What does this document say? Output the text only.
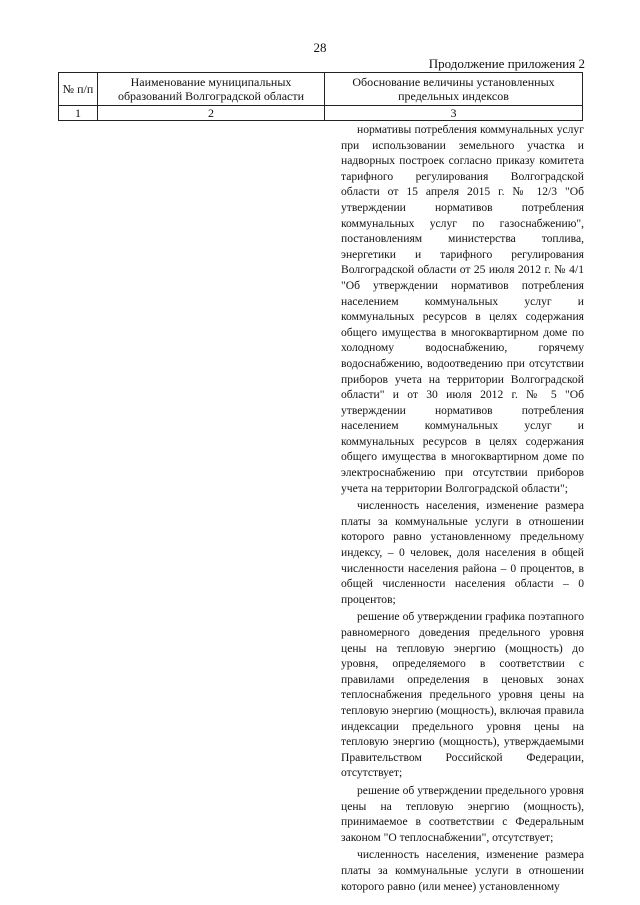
28
Продолжение приложения 2
№ п/п	Наименование муниципальных образований Волгоградской области	Обоснование величины установленных предельных индексов
1	2	3

нормативы потребления коммунальных услуг при использовании земельного участка и надворных построек согласно приказу комитета тарифного регулирования Волгоградской области от 15 апреля 2015 г. № 12/3 "Об утверждении нормативов потребления коммунальных услуг по газоснабжению", постановлениям министерства топлива, энергетики и тарифного регулирования Волгоградской области от 25 июля 2012 г. № 4/1 "Об утверждении нормативов потребления населением коммунальных услуг и коммунальных ресурсов в целях содержания общего имущества в многоквартирном доме по холодному водоснабжению, горячему водоснабжению, водоотведению при отсутствии приборов учета на территории Волгоградской области" и от 30 июля 2012 г. № 5 "Об утверждении нормативов потребления населением коммунальных услуг и коммунальных ресурсов в целях содержания общего имущества в многоквартирном доме по электроснабжению при отсутствии приборов учета на территории Волгоградской области";

численность населения, изменение размера платы за коммунальные услуги в отношении которого равно установленному предельному индексу, – 0 человек, доля населения в общей численности населения района – 0 процентов, в общей численности населения области – 0 процентов;

решение об утверждении графика поэтапного равномерного доведения предельного уровня цены на тепловую энергию (мощность) до уровня, определяемого в соответствии с правилами определения в ценовых зонах теплоснабжения предельного уровня цены на тепловую энергию (мощность), включая правила индексации предельного уровня цены на тепловую энергию (мощность), утверждаемыми Правительством Российской Федерации, отсутствует;

решение об утверждении предельного уровня цены на тепловую энергию (мощность), принимаемое в соответствии с Федеральным законом "О теплоснабжении", отсутствует;

численность населения, изменение размера платы за коммунальные услуги в отношении которого равно (или менее) установленному
